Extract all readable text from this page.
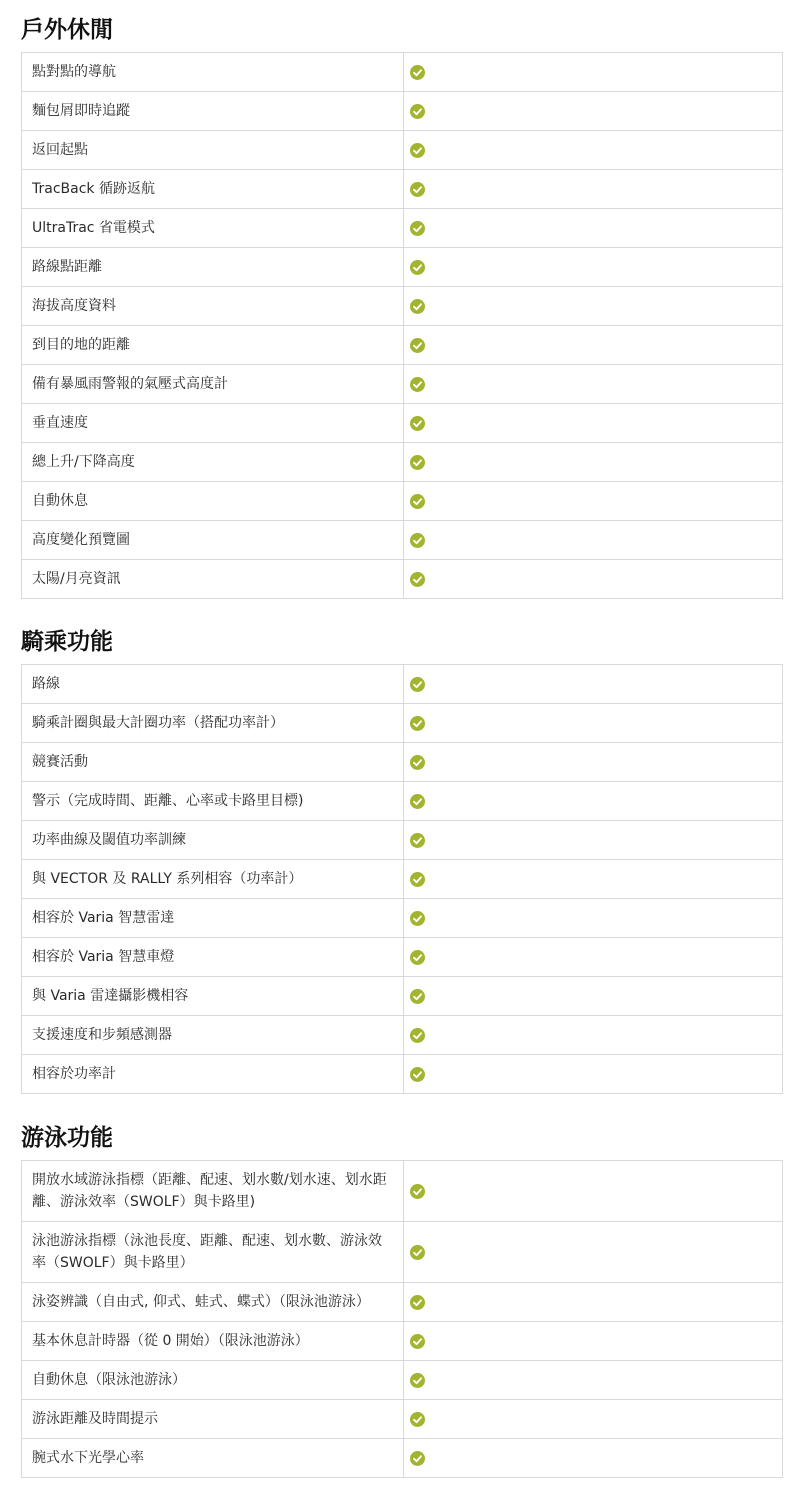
戶外休閒
點對點的導航	

麵包屑即時追蹤	

返回起點	

TracBack 循跡返航	

UltraTrac 省電模式	

路線點距離	

海拔高度資料	

到目的地的距離	

備有暴風雨警報的氣壓式高度計	

垂直速度	

總上升/下降高度	

自動休息	

高度變化預覽圖	

太陽/月亮資訊	
騎乘功能
路線	

騎乘計圈與最大計圈功率（搭配功率計）	

競賽活動	

警示（完成時間、距離、心率或卡路里目標)	

功率曲線及閾值功率訓練	

與 VECTOR 及 RALLY 系列相容（功率計）	

相容於 Varia 智慧雷達	

相容於 Varia 智慧車燈	

與 Varia 雷達攝影機相容	

支援速度和步頻感測器	

相容於功率計	
游泳功能
開放水域游泳指標（距離、配速、划水數/划水速、划水距離、游泳效率（SWOLF）與卡路里)	

泳池游泳指標（泳池長度、距離、配速、划水數、游泳效率（SWOLF）與卡路里）	

泳姿辨識（自由式, 仰式、蛙式、蝶式）（限泳池游泳）	

基本休息計時器（從 0 開始）（限泳池游泳）	

自動休息（限泳池游泳）	

游泳距離及時間提示	

腕式水下光學心率	
